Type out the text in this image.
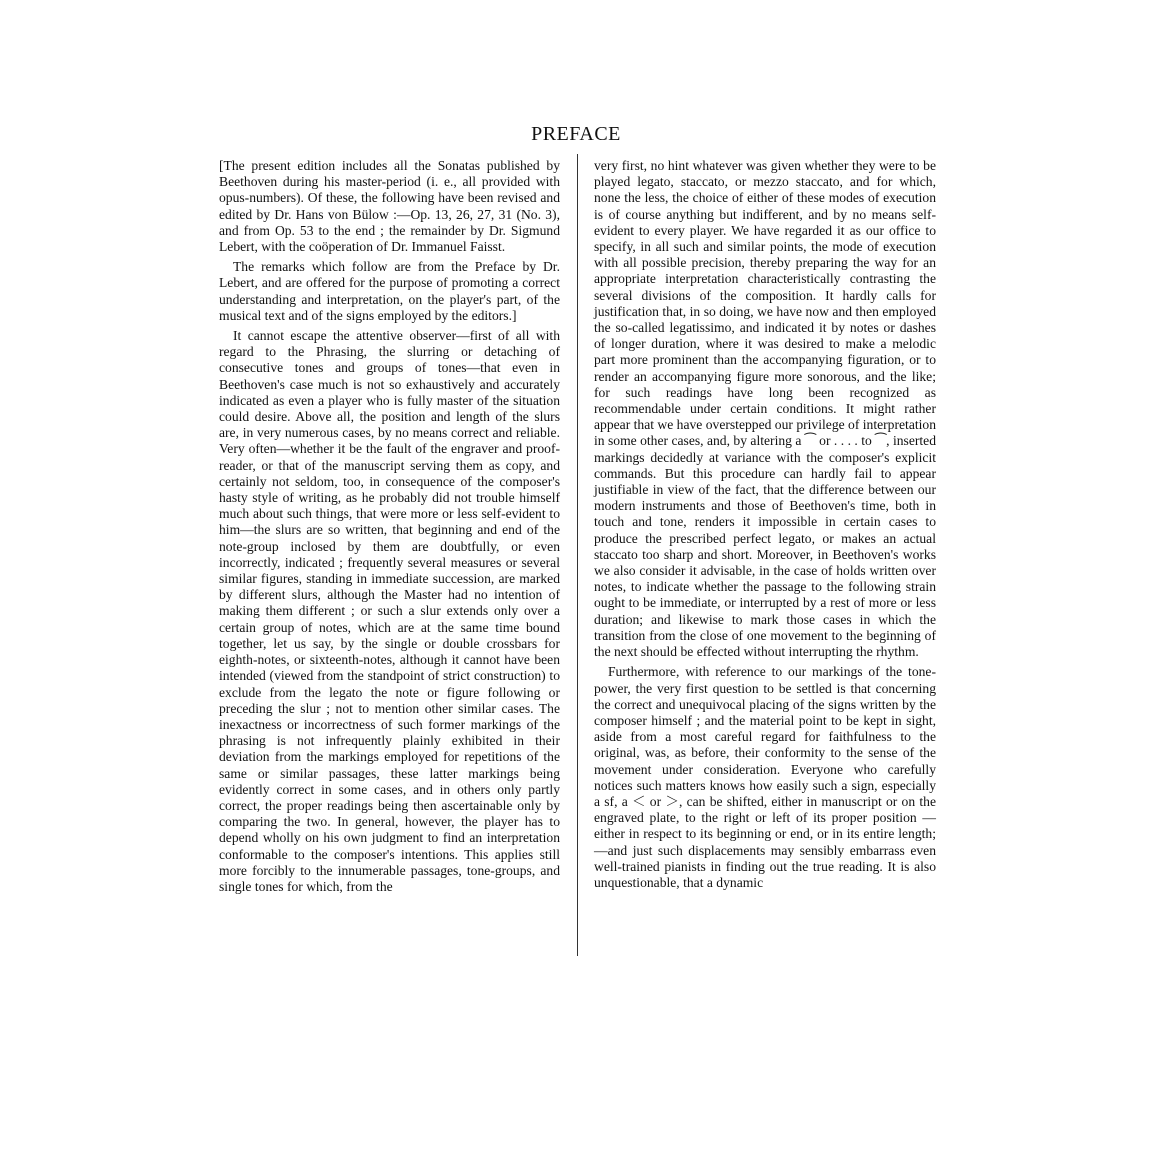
PREFACE

[The present edition includes all the Sonatas published by Beethoven during his master-period (i. e., all provided with opus-numbers). Of these, the following have been revised and edited by Dr. Hans von Bülow :—Op. 13, 26, 27, 31 (No. 3), and from Op. 53 to the end ; the remainder by Dr. Sigmund Lebert, with the coöperation of Dr. Immanuel Faisst.

The remarks which follow are from the Preface by Dr. Lebert, and are offered for the purpose of promoting a correct understanding and interpretation, on the player's part, of the musical text and of the signs employed by the editors.]

It cannot escape the attentive observer—first of all with regard to the Phrasing, the slurring or detaching of consecutive tones and groups of tones—that even in Beethoven's case much is not so exhaustively and accurately indicated as even a player who is fully master of the situation could desire. Above all, the position and length of the slurs are, in very numerous cases, by no means correct and reliable. Very often—whether it be the fault of the engraver and proof-reader, or that of the manuscript serving them as copy, and certainly not seldom, too, in consequence of the composer's hasty style of writing, as he probably did not trouble himself much about such things, that were more or less self-evident to him—the slurs are so written, that beginning and end of the note-group inclosed by them are doubtfully, or even incorrectly, indicated ; frequently several measures or several similar figures, standing in immediate succession, are marked by different slurs, although the Master had no intention of making them different ; or such a slur extends only over a certain group of notes, which are at the same time bound together, let us say, by the single or double crossbars for eighth-notes, or sixteenth-notes, although it cannot have been intended (viewed from the standpoint of strict construction) to exclude from the legato the note or figure following or preceding the slur ; not to mention other similar cases. The inexactness or incorrectness of such former markings of the phrasing is not infrequently plainly exhibited in their deviation from the markings employed for repetitions of the same or similar passages, these latter markings being evidently correct in some cases, and in others only partly correct, the proper readings being then ascertainable only by comparing the two. In general, however, the player has to depend wholly on his own judgment to find an interpretation conformable to the composer's intentions. This applies still more forcibly to the innumerable passages, tone-groups, and single tones for which, from the

very first, no hint whatever was given whether they were to be played legato, staccato, or mezzo staccato, and for which, none the less, the choice of either of these modes of execution is of course anything but indifferent, and by no means self-evident to every player. We have regarded it as our office to specify, in all such and similar points, the mode of execution with all possible precision, thereby preparing the way for an appropriate interpretation characteristically contrasting the several divisions of the composition. It hardly calls for justification that, in so doing, we have now and then employed the so-called legatissimo, and indicated it by notes or dashes of longer duration, where it was desired to make a melodic part more prominent than the accompanying figuration, or to render an accompanying figure more sonorous, and the like; for such readings have long been recognized as recommendable under certain conditions. It might rather appear that we have overstepped our privilege of interpretation in some other cases, and, by altering a ⁀ or . . . . to ⁀, inserted markings decidedly at variance with the composer's explicit commands. But this procedure can hardly fail to appear justifiable in view of the fact, that the difference between our modern instruments and those of Beethoven's time, both in touch and tone, renders it impossible in certain cases to produce the prescribed perfect legato, or makes an actual staccato too sharp and short. Moreover, in Beethoven's works we also consider it advisable, in the case of holds written over notes, to indicate whether the passage to the following strain ought to be immediate, or interrupted by a rest of more or less duration; and likewise to mark those cases in which the transition from the close of one movement to the beginning of the next should be effected without interrupting the rhythm.

Furthermore, with reference to our markings of the tone-power, the very first question to be settled is that concerning the correct and unequivocal placing of the signs written by the composer himself ; and the material point to be kept in sight, aside from a most careful regard for faithfulness to the original, was, as before, their conformity to the sense of the movement under consideration. Everyone who carefully notices such matters knows how easily such a sign, especially a sf, a ＜ or ＞, can be shifted, either in manuscript or on the engraved plate, to the right or left of its proper position —either in respect to its beginning or end, or in its entire length;—and just such displacements may sensibly embarrass even well-trained pianists in finding out the true reading. It is also unquestionable, that a dynamic
